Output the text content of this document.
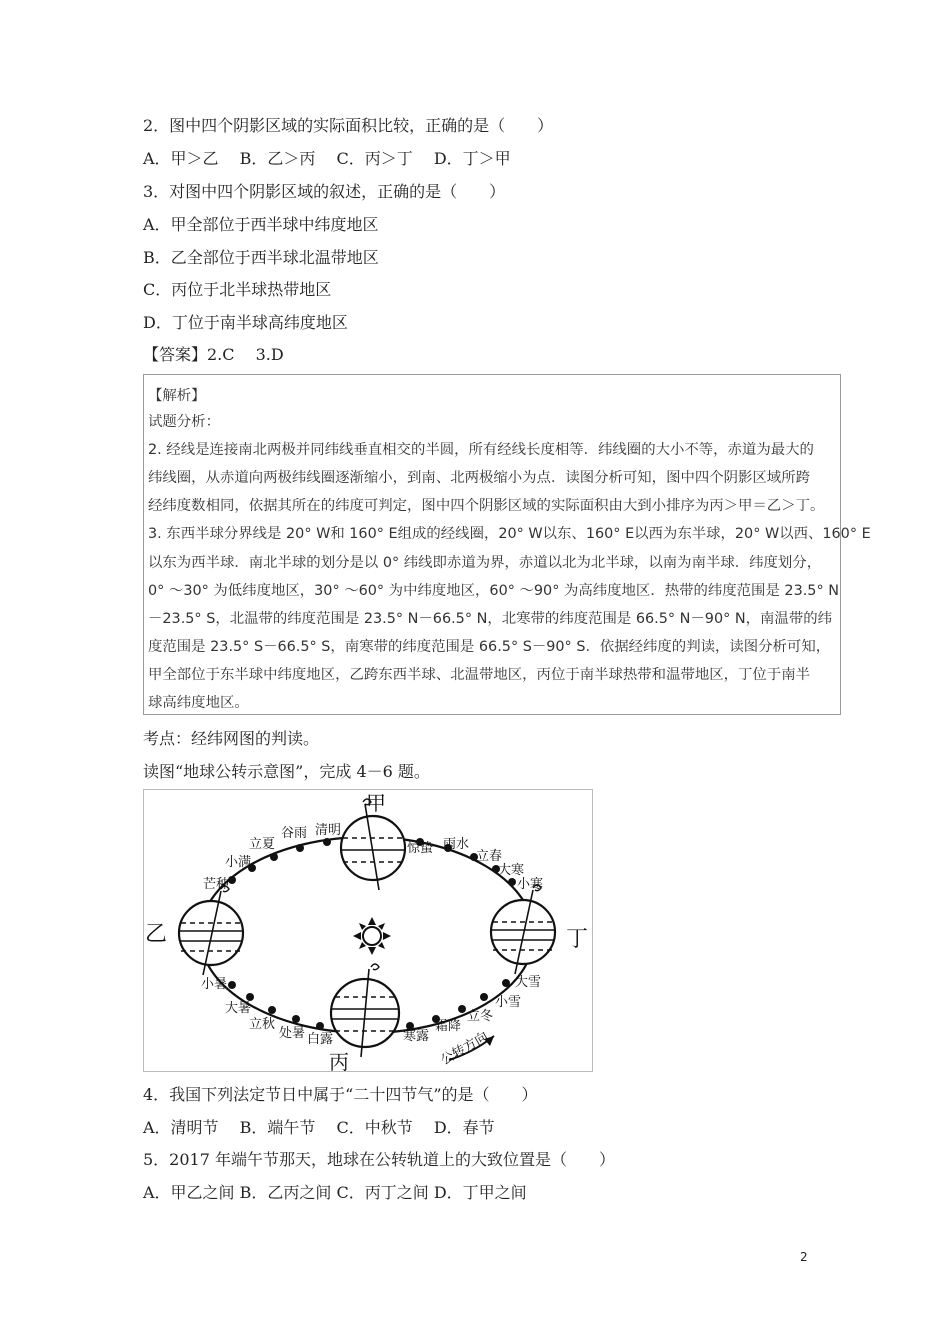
2．图中四个阴影区域的实际面积比较，正确的是（　　）
A．甲＞乙　 B．乙＞丙　 C．丙＞丁　 D．丁＞甲
3．对图中四个阴影区域的叙述，正确的是（　　）
A．甲全部位于西半球中纬度地区
B．乙全部位于西半球北温带地区
C．丙位于北半球热带地区
D．丁位于南半球高纬度地区
【答案】2.C　 3.D
【解析】
试题分析：
2. 经线是连接南北两极并同纬线垂直相交的半圆，所有经线长度相等．纬线圈的大小不等，赤道为最大的
纬线圈，从赤道向两极纬线圈逐渐缩小，到南、北两极缩小为点．读图分析可知，图中四个阴影区域所跨
经纬度数相同，依据其所在的纬度可判定，图中四个阴影区域的实际面积由大到小排序为丙＞甲＝乙＞丁。
3. 东西半球分界线是 20° W和 160° E组成的经线圈，20° W以东、160° E以西为东半球，20° W以西、160° E
以东为西半球．南北半球的划分是以 0° 纬线即赤道为界，赤道以北为北半球，以南为南半球．纬度划分，
0° ～30° 为低纬度地区，30° ～60° 为中纬度地区，60° ～90° 为高纬度地区．热带的纬度范围是 23.5° N
－23.5° S，北温带的纬度范围是 23.5° N－66.5° N，北寒带的纬度范围是 66.5° N－90° N，南温带的纬
度范围是 23.5° S－66.5° S，南寒带的纬度范围是 66.5° S－90° S．依据经纬度的判读，读图分析可知，
甲全部位于东半球中纬度地区，乙跨东西半球、北温带地区，丙位于南半球热带和温带地区，丁位于南半
球高纬度地区。
考点：经纬网图的判读。
读图“地球公转示意图”，完成 4－6 题。
甲
乙
丙
丁
清明
谷雨
立夏
小满
芒种
惊蛰 雨水
立春
大寒
小寒
大雪
小雪
立冬
霜降
寒露
白露
处暑
立秋
大暑
小暑
公转方向
4．我国下列法定节日中属于“二十四节气”的是（　　）
A．清明节　 B．端午节　 C．中秋节　 D．春节
5．2017 年端午节那天，地球在公转轨道上的大致位置是（　　）
A．甲乙之间 B．乙丙之间 C．丙丁之间 D．丁甲之间
2
